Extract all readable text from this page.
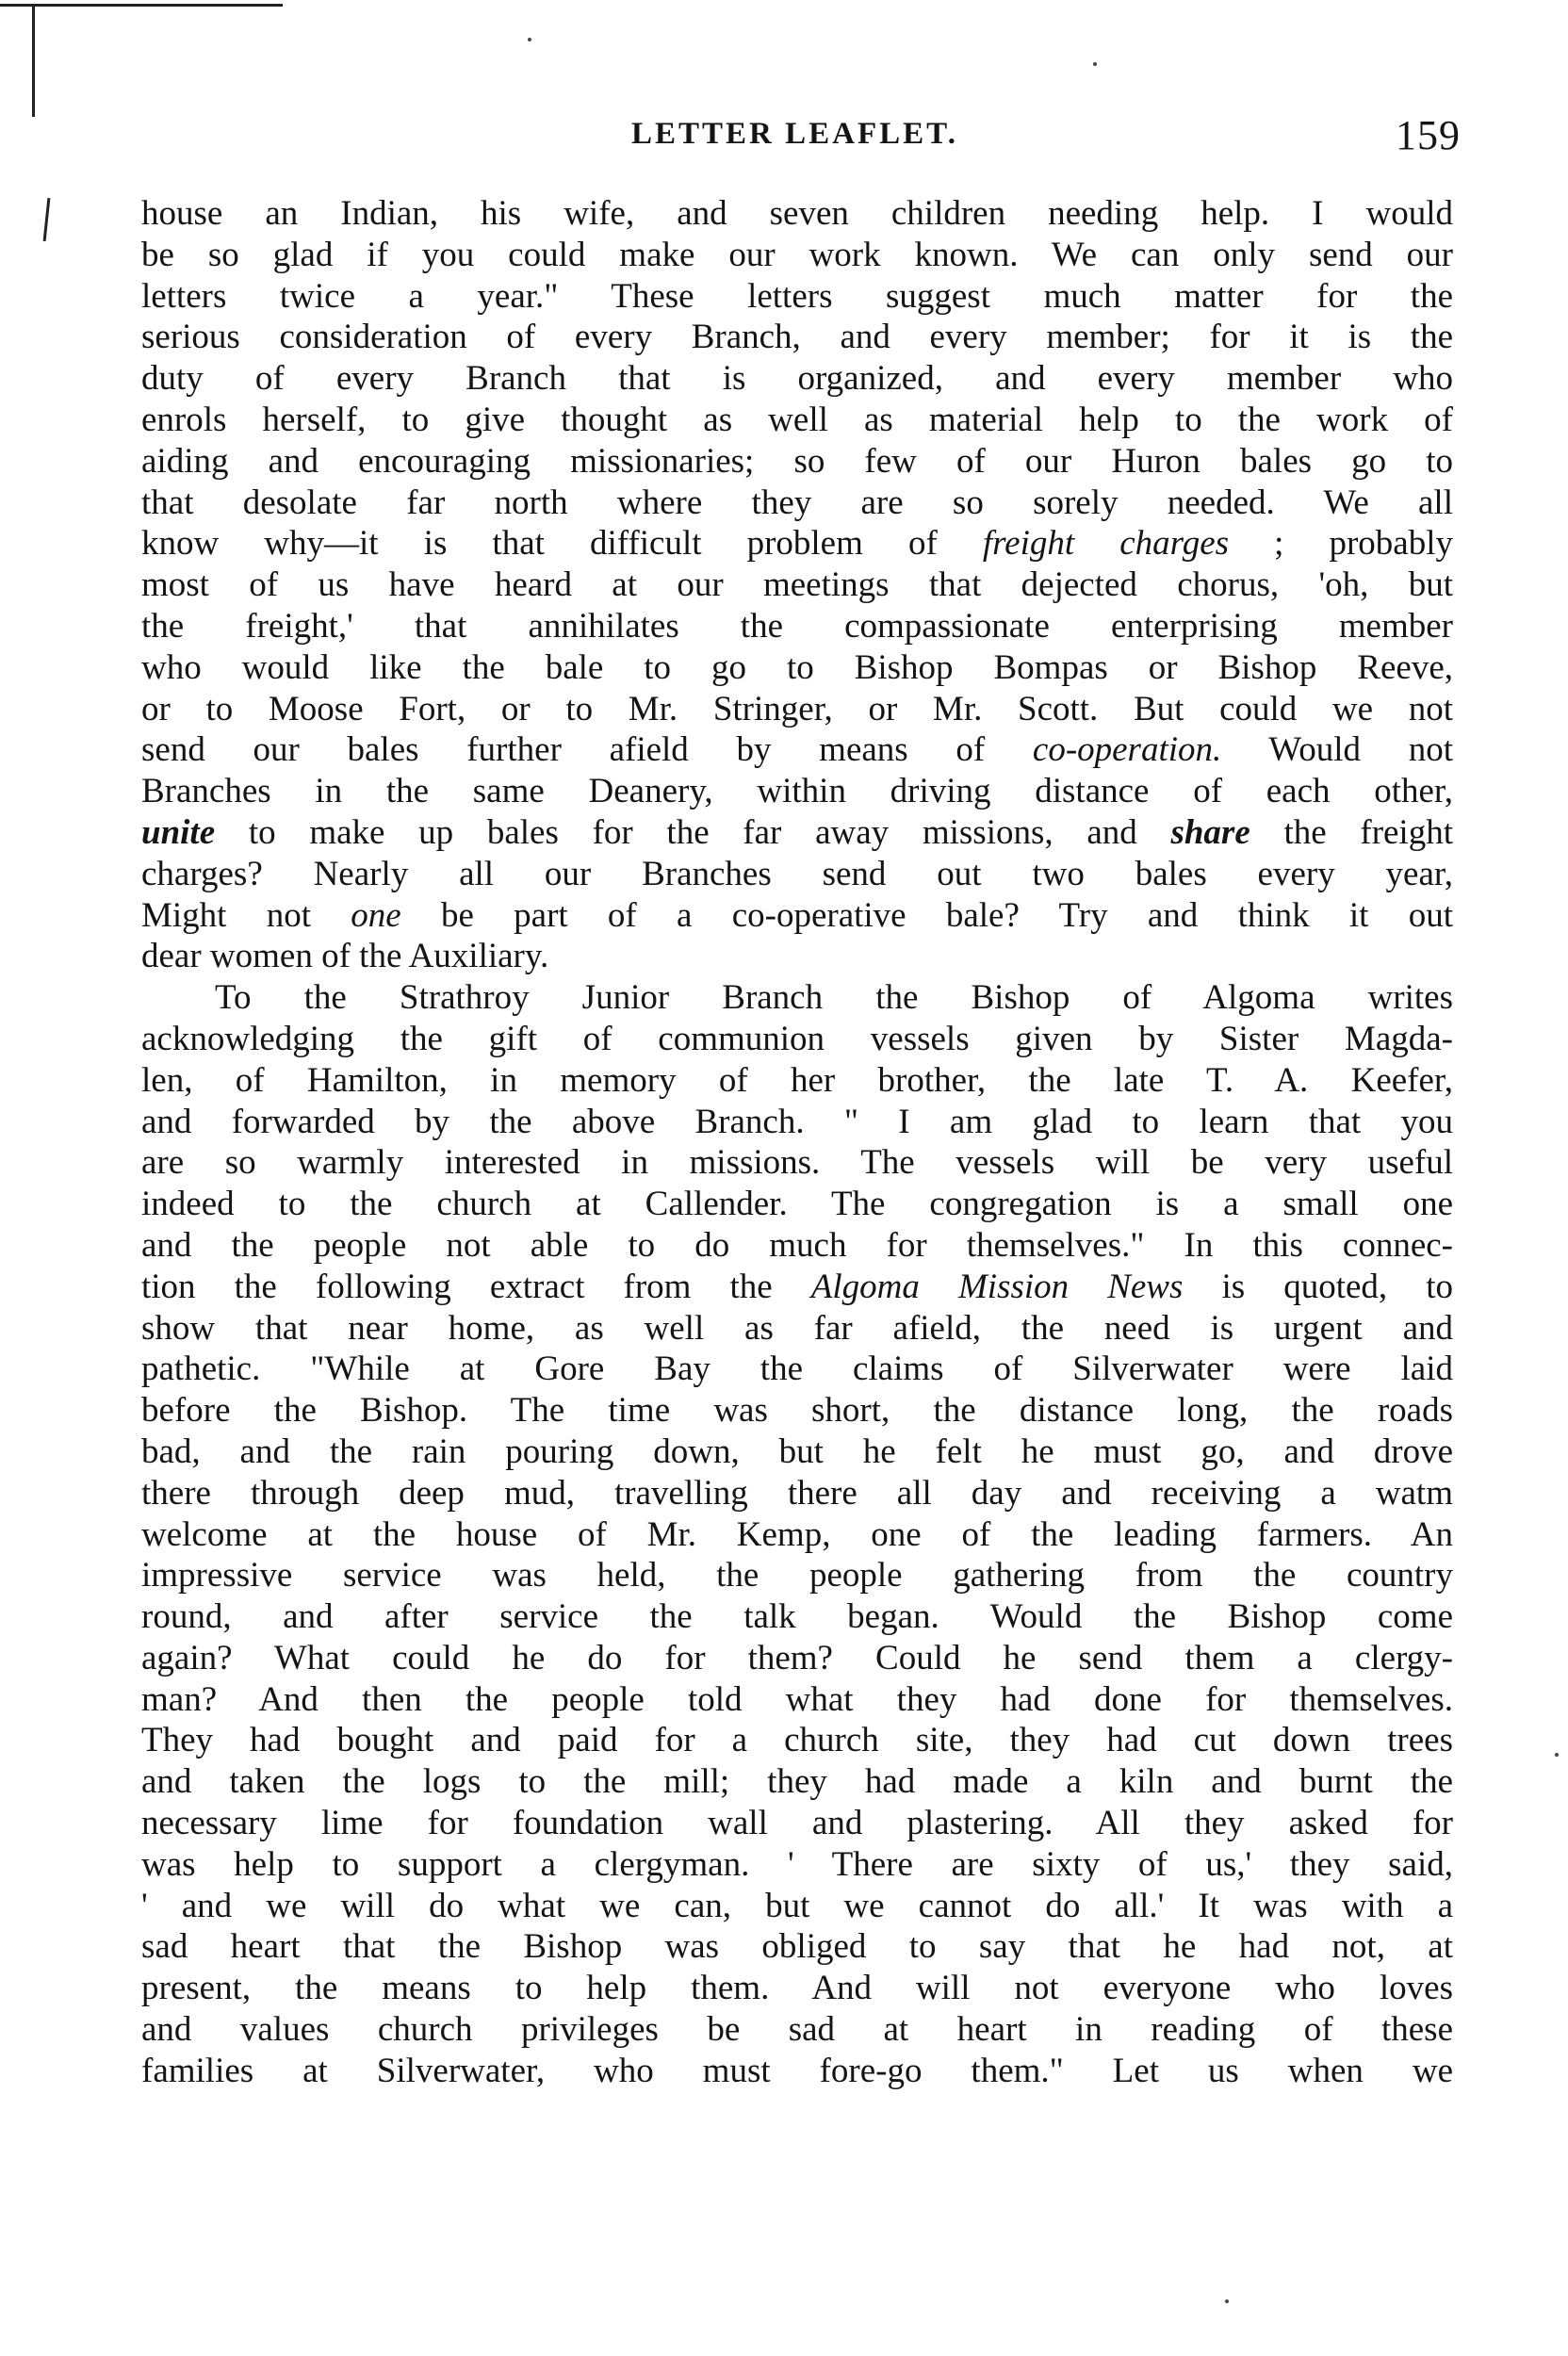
LETTER LEAFLET.	159
house an Indian, his wife, and seven children needing help. I would
be so glad if you could make our work known. We can only send our
letters twice a year." These letters suggest much matter for the
serious consideration of every Branch, and every member; for it is the
duty of every Branch that is organized, and every member who
enrols herself, to give thought as well as material help to the work of
aiding and encouraging missionaries; so few of our Huron bales go to
that desolate far north where they are so sorely needed. We all
know why—it is that difficult problem of freight charges ; probably
most of us have heard at our meetings that dejected chorus, 'oh, but
the freight,' that annihilates the compassionate enterprising member
who would like the bale to go to Bishop Bompas or Bishop Reeve,
or to Moose Fort, or to Mr. Stringer, or Mr. Scott. But could we not
send our bales further afield by means of co-operation. Would not
Branches in the same Deanery, within driving distance of each other,
unite to make up bales for the far away missions, and share the freight
charges? Nearly all our Branches send out two bales every year,
Might not one be part of a co-operative bale? Try and think it out
dear women of the Auxiliary.
To the Strathroy Junior Branch the Bishop of Algoma writes
acknowledging the gift of communion vessels given by Sister Magda-
len, of Hamilton, in memory of her brother, the late T. A. Keefer,
and forwarded by the above Branch. " I am glad to learn that you
are so warmly interested in missions. The vessels will be very useful
indeed to the church at Callender. The congregation is a small one
and the people not able to do much for themselves." In this connec-
tion the following extract from the Algoma Mission News is quoted, to
show that near home, as well as far afield, the need is urgent and
pathetic. "While at Gore Bay the claims of Silverwater were laid
before the Bishop. The time was short, the distance long, the roads
bad, and the rain pouring down, but he felt he must go, and drove
there through deep mud, travelling there all day and receiving a watm
welcome at the house of Mr. Kemp, one of the leading farmers. An
impressive service was held, the people gathering from the country
round, and after service the talk began. Would the Bishop come
again? What could he do for them? Could he send them a clergy-
man? And then the people told what they had done for themselves.
They had bought and paid for a church site, they had cut down trees
and taken the logs to the mill; they had made a kiln and burnt the
necessary lime for foundation wall and plastering. All they asked for
was help to support a clergyman. ' There are sixty of us,' they said,
' and we will do what we can, but we cannot do all.' It was with a
sad heart that the Bishop was obliged to say that he had not, at
present, the means to help them. And will not everyone who loves
and values church privileges be sad at heart in reading of these
families at Silverwater, who must fore-go them." Let us when we
